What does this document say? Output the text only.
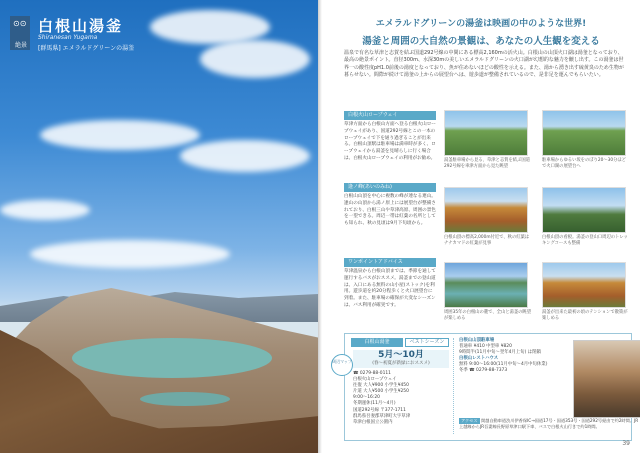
⊙⊙
絶景
白根山湯釜
Shiranesan Yugama
[群馬県] エメラルドグリーンの湯釜
エメラルドグリーンの湯釜は映画の中のような世界!
湯釜と周囲の大自然の景観は、あなたの人生観を変える
温泉で有名な草津と志賀を結ぶ国道292号線の中間にある標高2,160mの活火山。白根山の山頂火口湖は湯釜となっており、最高の絶景ポイント。直径300m、水深30mの美しいエメラルドグリーンの火口湖が幻想的な魅力を醸し出す。この湯釜は世界一の酸性度pH1.0前後の湯度となっており、魚が住めないほどの酸性を示える。また、湯から湧き出す硫黄臭のため生物が暮らせない。間際が続けて湯釜の上からの展望台へは、遊歩道が整備されているので、是非足を運んでもらいたい。
白根火山ロープウェイ
草津方面から白根山方面へ登る白根火山ロープウェイがあり、国道292号線とこの一本のロープウェイで下を通り過ぎることが出来る。白根山頂駅は駐車場は満車時が多く、ロープウェイから湯釜を見晴らしに行く場合は、白根火山ロープウェイの利用がお勧め。
逢ノ峰(あいのみね)
白根山山頂を中心に複数の峰が連なる連山。逢山の山頂から湯ノ原上には展望台が整備されており、白根三山や草津高原、周囲の景色を一望できる。周辺一帯は紅葉の名所としても知られ、秋の見頃は9月下旬頃から。
ワンポイントアドバイス
草津温泉から白根山頂までは、季節を通して運行するバスがおススメ。湯釜までの登山道は、入口にある無料の山小屋(ストック)を利用。遊歩道を約20分程歩くと火口展望台に到着。また、駐車場の確保が大変なシーズンは、バス利用が確実です。
湯釜駐車場から見る、草津と志賀を結ぶ国道292号線を車津方面から見た眺望
駐車場からゆるい坂をのぼり20〜30分ほどで火口湖の展望台へ
白根山頂の標高2,000m付近で、秋の紅葉はナナカマドの紅葉が見事
白根山頂の看板。湯釜の登山口周辺のトレッキングコースも整備
周囲35年の白根山の麓で、全山と湯釜の眺望が楽しめる
湯釜が出来た最初の頃のテンションで散策が楽しめる
白根山湯釜	ベストシーズン
5月〜10月
(春〜初夏が新緑におススメ)
周辺マップ
☎ 0279-88-0111
白根火山ロープウェイ
往復 大人¥900 小学生¥450
片道 大人¥500 小学生¥250
9:00〜16:20
冬期運休(11月〜4月)
国道292号線 〒377-1711
群馬県吾妻郡草津町大字草津
草津白根国立公園内
白根山山頂駐車場
普通車 ¥410 中型車 ¥820
9時間半(11月中旬〜翌年4月上旬) は閉鎖
白根山レストハウス
無料 9:00〜16:00(11月中旬〜4月中旬休業)
冬季 ☎ 0279-88-7373
アクセス 関越自動車道渋川伊香保IC→国道17号・国道353号・国道292号経由で約2時間。JR上越線からJR吾妻線長野原草津口駅下車、バスで白根火山行きで約1時間。
39
